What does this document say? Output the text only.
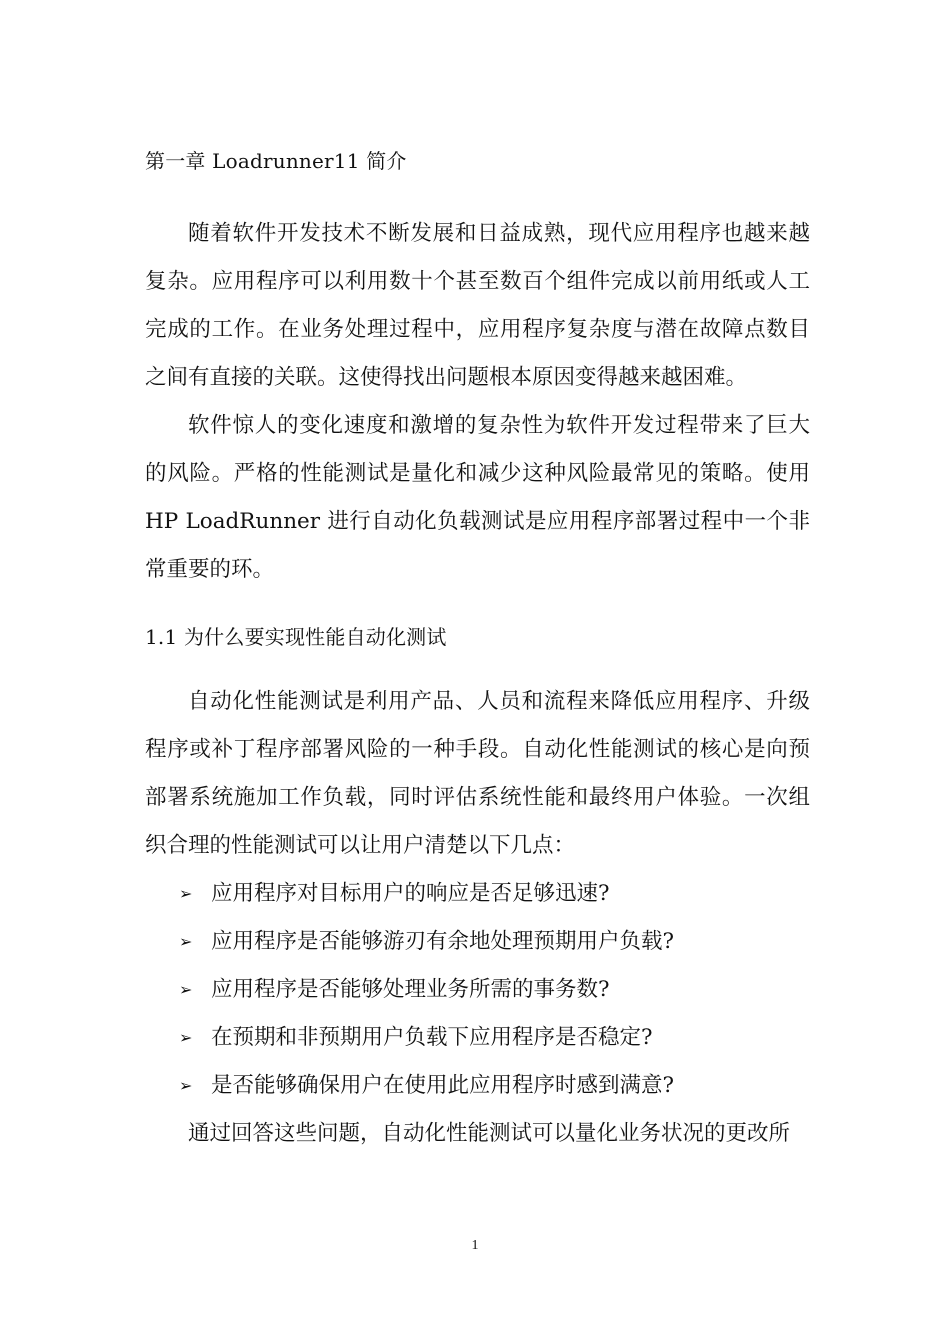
第一章 Loadrunner11 简介

随着软件开发技术不断发展和日益成熟，现代应用程序也越来越复杂。应用程序可以利用数十个甚至数百个组件完成以前用纸或人工完成的工作。在业务处理过程中，应用程序复杂度与潜在故障点数目之间有直接的关联。这使得找出问题根本原因变得越来越困难。

软件惊人的变化速度和激增的复杂性为软件开发过程带来了巨大的风险。严格的性能测试是量化和减少这种风险最常见的策略。使用 HP LoadRunner 进行自动化负载测试是应用程序部署过程中一个非常重要的环。

1.1 为什么要实现性能自动化测试

自动化性能测试是利用产品、人员和流程来降低应用程序、升级程序或补丁程序部署风险的一种手段。自动化性能测试的核心是向预部署系统施加工作负载，同时评估系统性能和最终用户体验。一次组织合理的性能测试可以让用户清楚以下几点：

➢ 应用程序对目标用户的响应是否足够迅速?
➢ 应用程序是否能够游刃有余地处理预期用户负载?
➢ 应用程序是否能够处理业务所需的事务数?
➢ 在预期和非预期用户负载下应用程序是否稳定?
➢ 是否能够确保用户在使用此应用程序时感到满意?

通过回答这些问题，自动化性能测试可以量化业务状况的更改所

1
